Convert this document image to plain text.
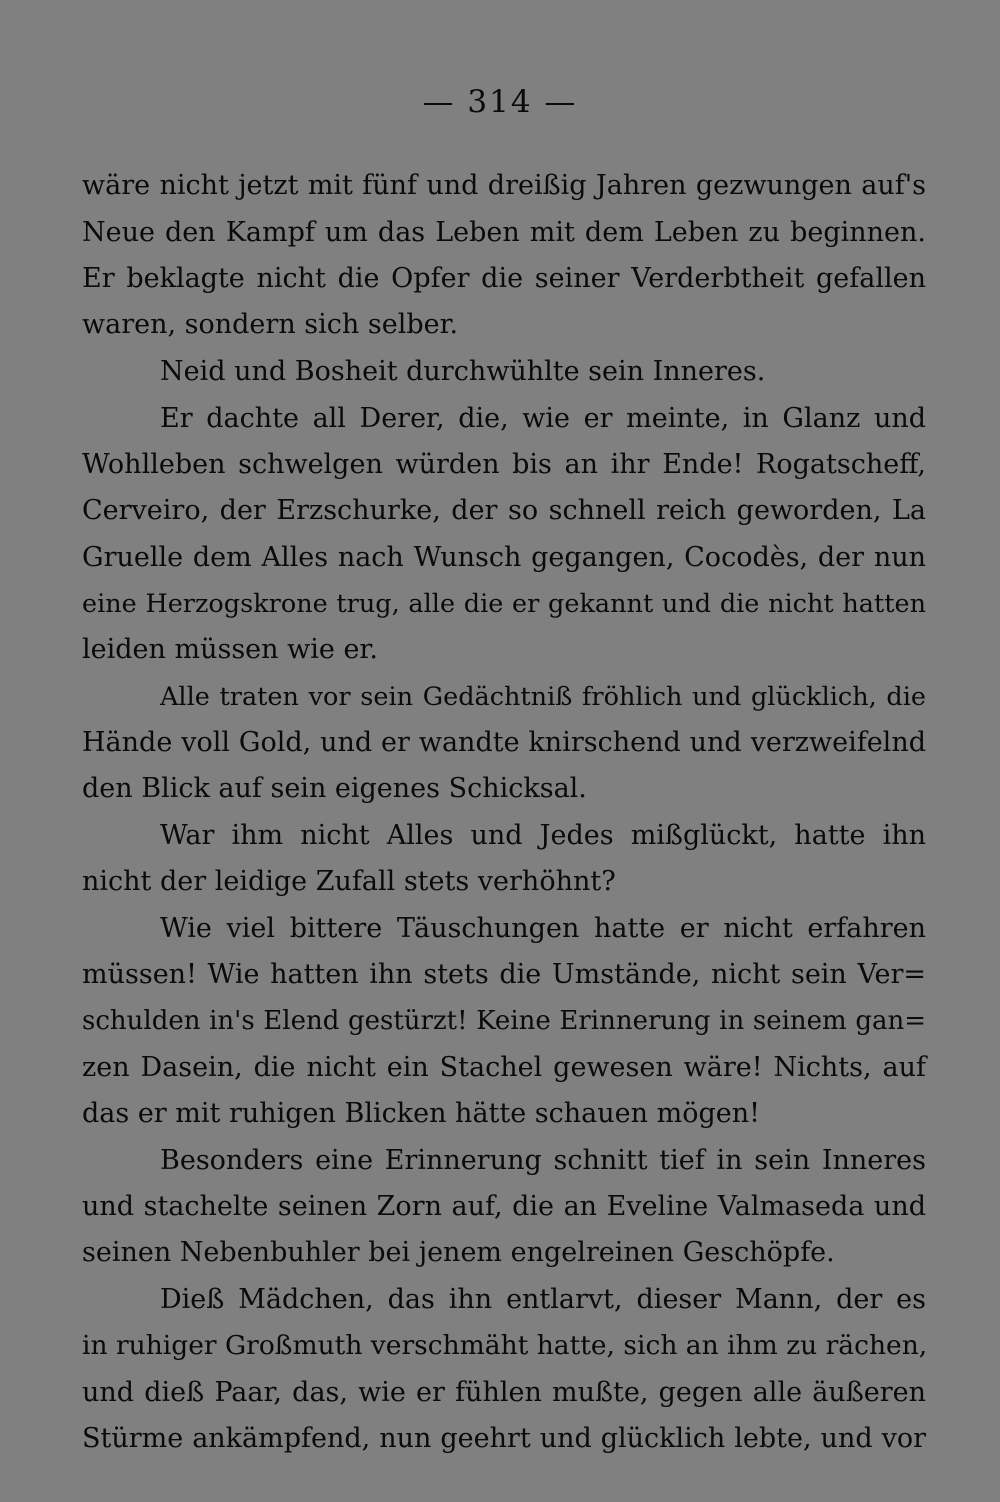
— 314 —
wäre nicht jetzt mit fünf und dreißig Jahren gezwungen auf's
Neue den Kampf um das Leben mit dem Leben zu beginnen.
Er beklagte nicht die Opfer die seiner Verderbtheit gefallen
waren, sondern sich selber.
Neid und Bosheit durchwühlte sein Inneres.
Er dachte all Derer, die, wie er meinte, in Glanz und
Wohlleben schwelgen würden bis an ihr Ende! Rogatscheff,
Cerveiro, der Erzschurke, der so schnell reich geworden, La
Gruelle dem Alles nach Wunsch gegangen, Cocodès, der nun
eine Herzogskrone trug, alle die er gekannt und die nicht hatten
leiden müssen wie er.
Alle traten vor sein Gedächtniß fröhlich und glücklich, die
Hände voll Gold, und er wandte knirschend und verzweifelnd
den Blick auf sein eigenes Schicksal.
War ihm nicht Alles und Jedes mißglückt, hatte ihn
nicht der leidige Zufall stets verhöhnt?
Wie viel bittere Täuschungen hatte er nicht erfahren
müssen! Wie hatten ihn stets die Umstände, nicht sein Ver=
schulden in's Elend gestürzt! Keine Erinnerung in seinem gan=
zen Dasein, die nicht ein Stachel gewesen wäre! Nichts, auf
das er mit ruhigen Blicken hätte schauen mögen!
Besonders eine Erinnerung schnitt tief in sein Inneres
und stachelte seinen Zorn auf, die an Eveline Valmaseda und
seinen Nebenbuhler bei jenem engelreinen Geschöpfe.
Dieß Mädchen, das ihn entlarvt, dieser Mann, der es
in ruhiger Großmuth verschmäht hatte, sich an ihm zu rächen,
und dieß Paar, das, wie er fühlen mußte, gegen alle äußeren
Stürme ankämpfend, nun geehrt und glücklich lebte, und vor
